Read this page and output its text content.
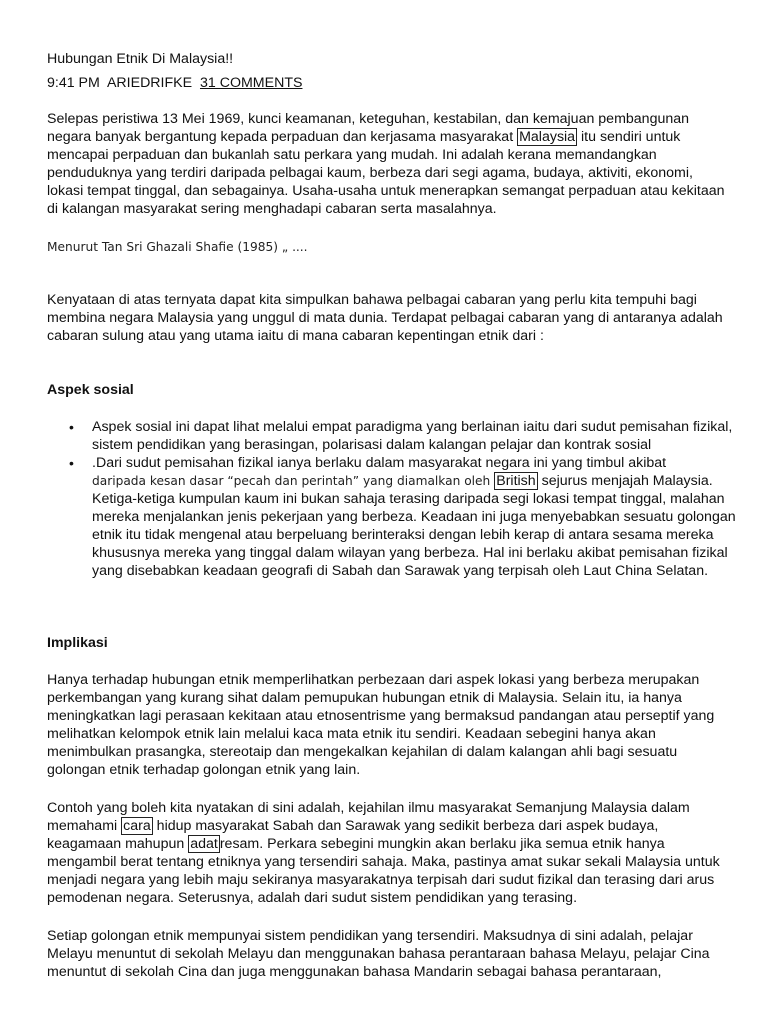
Hubungan Etnik Di Malaysia!!

9:41 PM ARIEDRIFKE 31 COMMENTS

Selepas peristiwa 13 Mei 1969, kunci keamanan, keteguhan, kestabilan, dan kemajuan pembangunan negara banyak bergantung kepada perpaduan dan kerjasama masyarakat Malaysia itu sendiri untuk mencapai perpaduan dan bukanlah satu perkara yang mudah. Ini adalah kerana memandangkan penduduknya yang terdiri daripada pelbagai kaum, berbeza dari segi agama, budaya, aktiviti, ekonomi, lokasi tempat tinggal, dan sebagainya. Usaha-usaha untuk menerapkan semangat perpaduan atau kekitaan di kalangan masyarakat sering menghadapi cabaran serta masalahnya.

Menurut Tan Sri Ghazali Shafie (1985) „ ....

Kenyataan di atas ternyata dapat kita simpulkan bahawa pelbagai cabaran yang perlu kita tempuhi bagi membina negara Malaysia yang unggul di mata dunia. Terdapat pelbagai cabaran yang di antaranya adalah cabaran sulung atau yang utama iaitu di mana cabaran kepentingan etnik dari :

Aspek sosial

• Aspek sosial ini dapat lihat melalui empat paradigma yang berlainan iaitu dari sudut pemisahan fizikal, sistem pendidikan yang berasingan, polarisasi dalam kalangan pelajar dan kontrak sosial
• .Dari sudut pemisahan fizikal ianya berlaku dalam masyarakat negara ini yang timbul akibat
daripada kesan dasar “pecah dan perintah” yang diamalkan oleh British sejurus menjajah Malaysia. Ketiga-ketiga kumpulan kaum ini bukan sahaja terasing daripada segi lokasi tempat tinggal, malahan mereka menjalankan jenis pekerjaan yang berbeza. Keadaan ini juga menyebabkan sesuatu golongan etnik itu tidak mengenal atau berpeluang berinteraksi dengan lebih kerap di antara sesama mereka khususnya mereka yang tinggal dalam wilayan yang berbeza. Hal ini berlaku akibat pemisahan fizikal yang disebabkan keadaan geografi di Sabah dan Sarawak yang terpisah oleh Laut China Selatan.

Implikasi

Hanya terhadap hubungan etnik memperlihatkan perbezaan dari aspek lokasi yang berbeza merupakan perkembangan yang kurang sihat dalam pemupukan hubungan etnik di Malaysia. Selain itu, ia hanya meningkatkan lagi perasaan kekitaan atau etnosentrisme yang bermaksud pandangan atau perseptif yang melihatkan kelompok etnik lain melalui kaca mata etnik itu sendiri. Keadaan sebegini hanya akan menimbulkan prasangka, stereotaip dan mengekalkan kejahilan di dalam kalangan ahli bagi sesuatu golongan etnik terhadap golongan etnik yang lain.

Contoh yang boleh kita nyatakan di sini adalah, kejahilan ilmu masyarakat Semanjung Malaysia dalam memahami cara hidup masyarakat Sabah dan Sarawak yang sedikit berbeza dari aspek budaya, keagamaan mahupun adat resam. Perkara sebegini mungkin akan berlaku jika semua etnik hanya mengambil berat tentang etniknya yang tersendiri sahaja. Maka, pastinya amat sukar sekali Malaysia untuk menjadi negara yang lebih maju sekiranya masyarakatnya terpisah dari sudut fizikal dan terasing dari arus pemodenan negara. Seterusnya, adalah dari sudut sistem pendidikan yang terasing.

Setiap golongan etnik mempunyai sistem pendidikan yang tersendiri. Maksudnya di sini adalah, pelajar Melayu menuntut di sekolah Melayu dan menggunakan bahasa perantaraan bahasa Melayu, pelajar Cina menuntut di sekolah Cina dan juga menggunakan bahasa Mandarin sebagai bahasa perantaraan,
